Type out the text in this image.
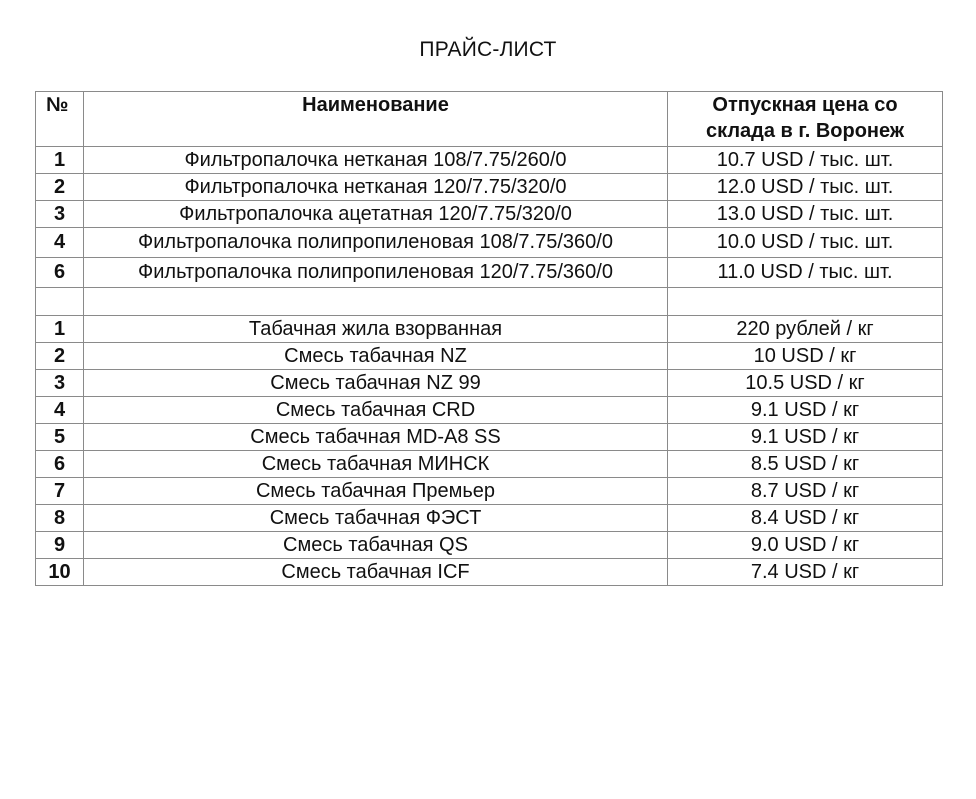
ПРАЙС-ЛИСТ
№	Наименование	Отпускная цена со
склада в г. Воронеж
1	Фильтропалочка нетканая 108/7.75/260/0	10.7 USD / тыс. шт.
2	Фильтропалочка нетканая 120/7.75/320/0	12.0 USD / тыс. шт.
3	Фильтропалочка ацетатная 120/7.75/320/0	13.0 USD / тыс. шт.
4	Фильтропалочка полипропиленовая 108/7.75/360/0	10.0 USD / тыс. шт.
6	Фильтропалочка полипропиленовая 120/7.75/360/0	11.0 USD / тыс. шт.

1	Табачная жила взорванная	220 рублей / кг
2	Смесь табачная NZ	10 USD / кг
3	Смесь табачная NZ 99	10.5 USD / кг
4	Смесь табачная CRD	9.1 USD / кг
5	Смесь табачная MD-A8 SS	9.1 USD / кг
6	Смесь табачная МИНСК	8.5 USD / кг
7	Смесь табачная Премьер	8.7 USD / кг
8	Смесь табачная ФЭСТ	8.4 USD / кг
9	Смесь табачная QS	9.0 USD / кг
10	Смесь табачная ICF	7.4 USD / кг
